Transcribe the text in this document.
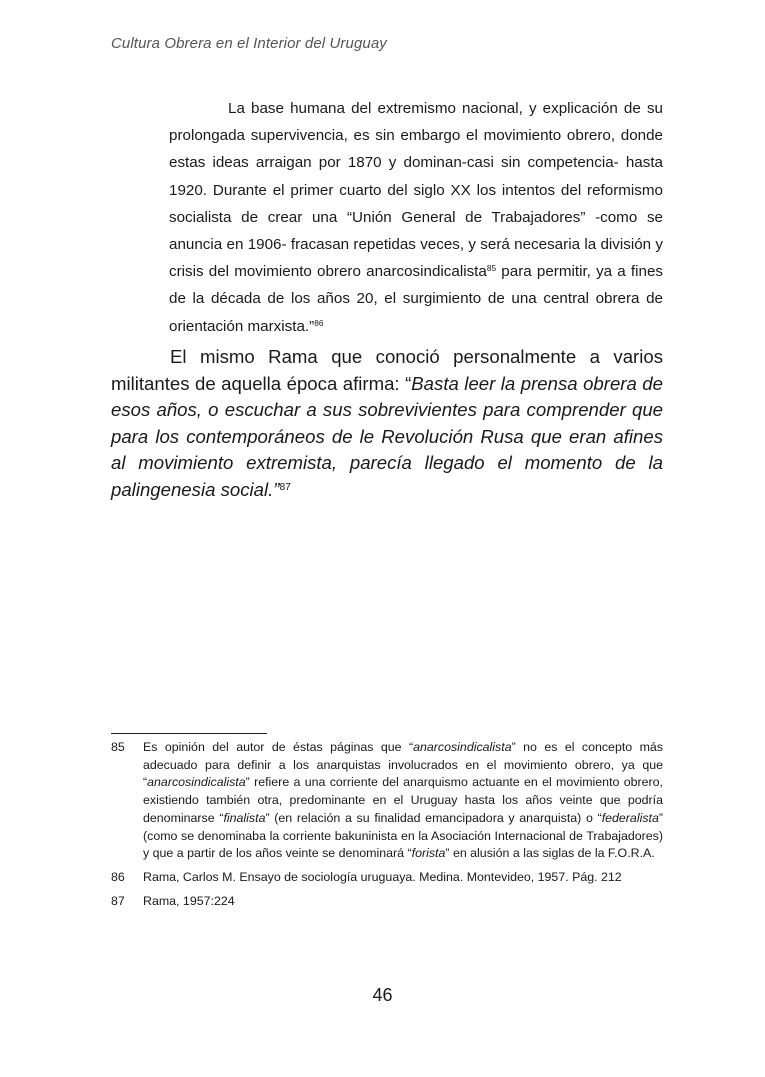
Cultura Obrera en el Interior del Uruguay

La base humana del extremismo nacional, y explicación de su prolongada supervivencia, es sin embargo el movimiento obrero, donde estas ideas arraigan por 1870 y dominan-casi sin competencia- hasta 1920. Durante el primer cuarto del siglo XX los intentos del reformismo socialista de crear una “Unión General de Trabajadores” -como se anuncia en 1906- fracasan repetidas veces, y será necesaria la división y crisis del movimiento obrero anarcosindicalista$^{85}$ para permitir, ya a fines de la década de los años 20, el surgimiento de una central obrera de orientación marxista.”$^{86}$

El mismo Rama que conoció personalmente a varios militantes de aquella época afirma: “Basta leer la prensa obrera de esos años, o escuchar a sus sobrevivientes para comprender que para los contemporáneos de le Revolución Rusa que eran afines al movimiento extremista, parecía llegado el momento de la palingenesia social.”$^{87}$

85	Es opinión del autor de éstas páginas que “anarcosindicalista” no es el concepto más adecuado para definir a los anarquistas involucrados en el movimiento obrero, ya que “anarcosindicalista” refiere a una corriente del anarquismo actuante en el movimiento obrero, existiendo también otra, predominante en el Uruguay hasta los años veinte que podría denominarse “finalista” (en relación a su finalidad emancipadora y anarquista) o “federalista” (como se denominaba la corriente bakuninista en la Asociación Internacional de Trabajadores) y que a partir de los años veinte se denominará “forista” en alusión a las siglas de la F.O.R.A.
86	Rama, Carlos M. Ensayo de sociología uruguaya. Medina. Montevideo, 1957. Pág. 212
87	Rama, 1957:224
46
